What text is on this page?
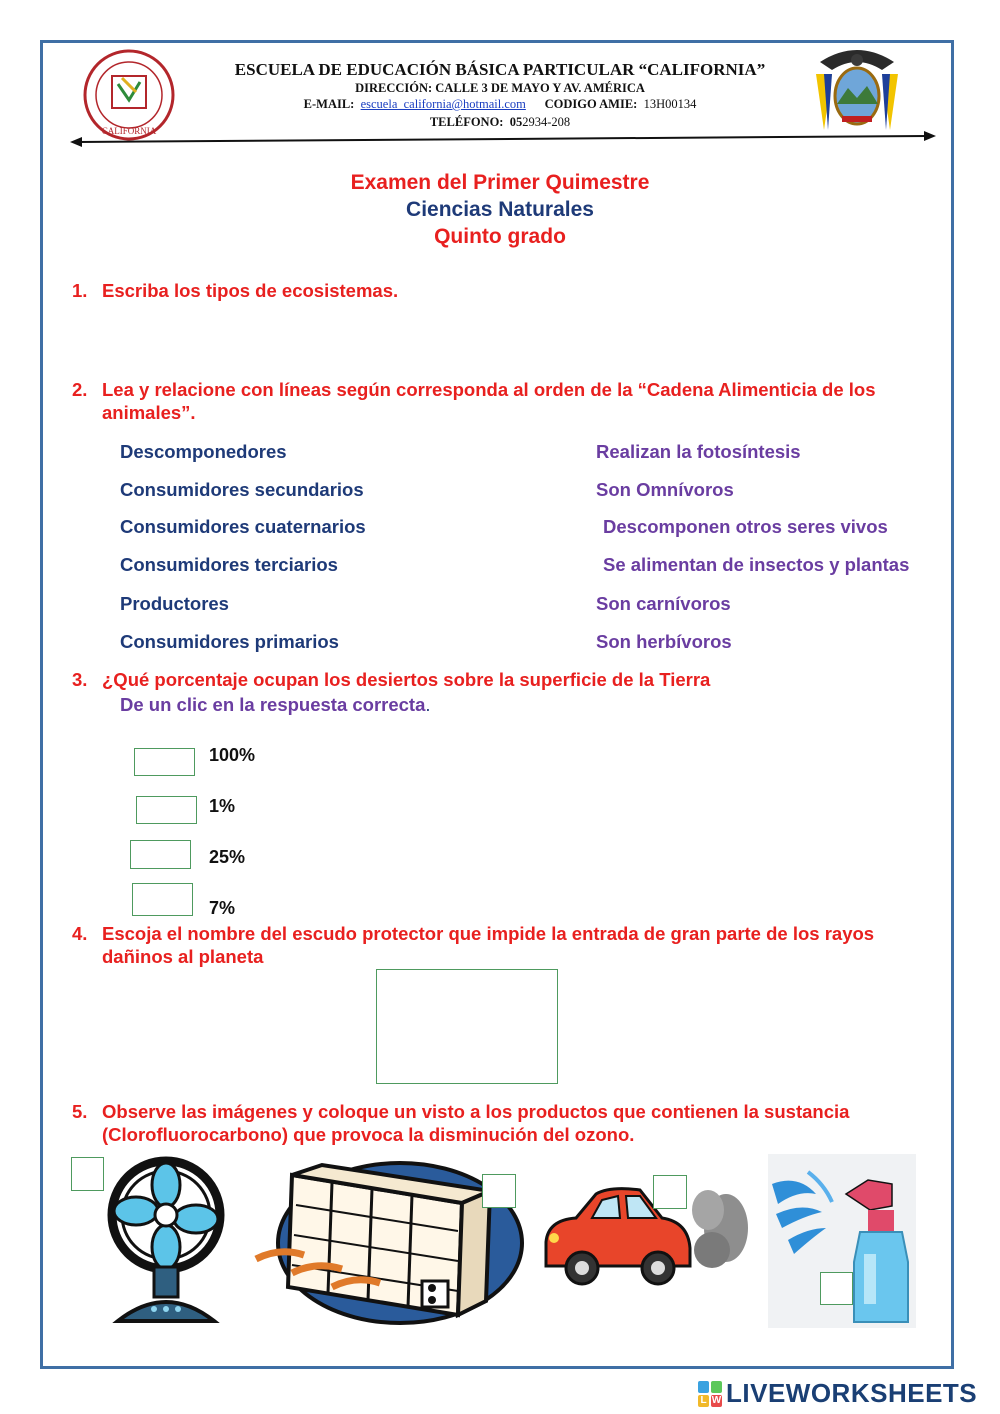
CALIFORNIA
ESCUELA DE EDUCACIÓN BÁSICA PARTICULAR “CALIFORNIA”
DIRECCIÓN: CALLE 3 DE MAYO Y AV. AMÉRICA
E-MAIL: escuela_california@hotmail.com CODIGO AMIE: 13H00134
TELÉFONO: 052934-208
Examen del Primer Quimestre
Ciencias Naturales
Quinto grado
1. Escriba los tipos de ecosistemas.
2. Lea y relacione con líneas según corresponda al orden de la “Cadena Alimenticia de los
animales”.
Descomponedores
Consumidores secundarios
Consumidores cuaternarios
Consumidores terciarios
Productores
Consumidores primarios
Realizan la fotosíntesis
Son Omnívoros
Descomponen otros seres vivos
Se alimentan de insectos y plantas
Son carnívoros
Son herbívoros
3. ¿Qué porcentaje ocupan los desiertos sobre la superficie de la Tierra
De un clic en la respuesta correcta.
100%
1%
25%
7%
4. Escoja el nombre del escudo protector que impide la entrada de gran parte de los rayos
dañinos al planeta
5. Observe las imágenes y coloque un visto a los productos que contienen la sustancia
(Clorofluorocarbono) que provoca la disminución del ozono.
L W LIVEWORKSHEETS
